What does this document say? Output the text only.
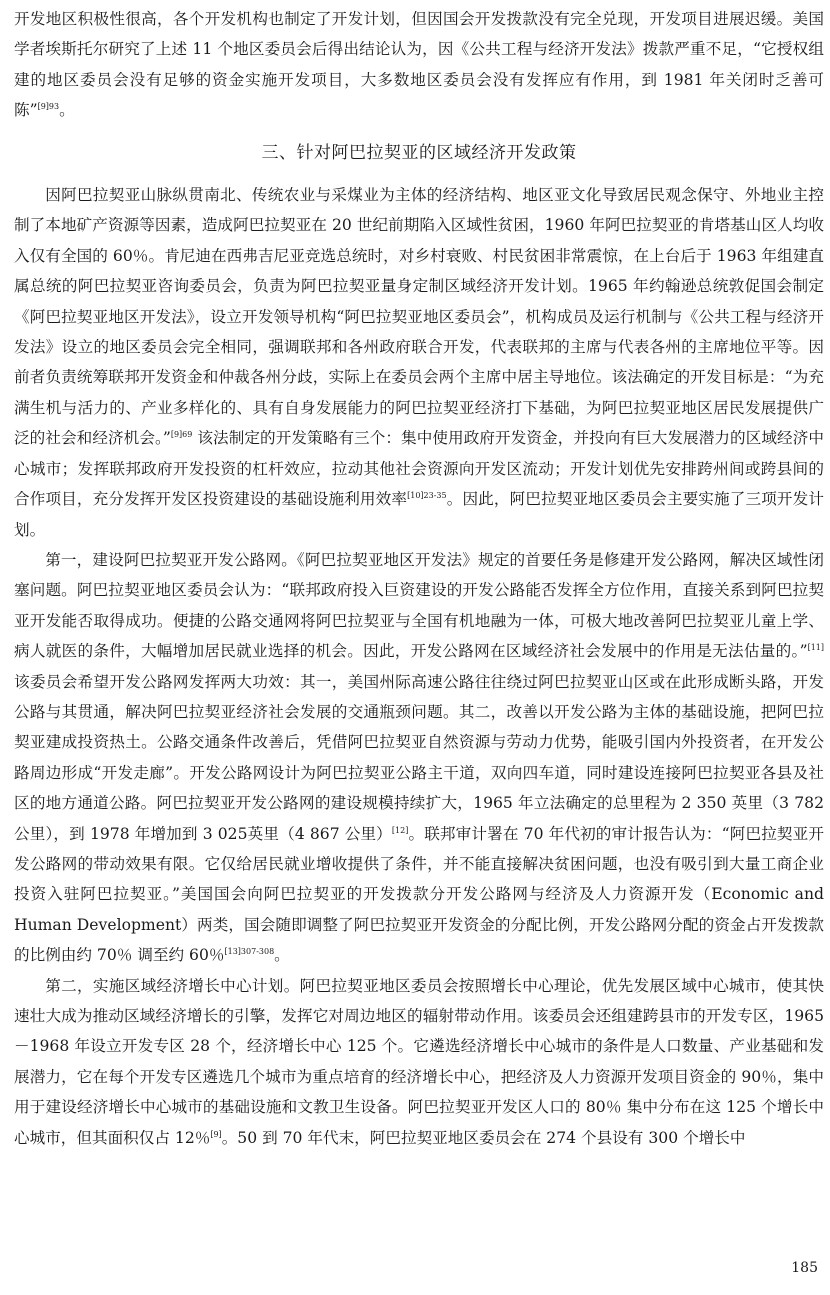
开发地区积极性很高，各个开发机构也制定了开发计划，但因国会开发拨款没有完全兑现，开发项目进展迟缓。美国学者埃斯托尔研究了上述 11 个地区委员会后得出结论认为，因《公共工程与经济开发法》拨款严重不足，“它授权组建的地区委员会没有足够的资金实施开发项目，大多数地区委员会没有发挥应有作用，到 1981 年关闭时乏善可陈”$^{[9]93}$。

三、针对阿巴拉契亚的区域经济开发政策

因阿巴拉契亚山脉纵贯南北、传统农业与采煤业为主体的经济结构、地区亚文化导致居民观念保守、外地业主控制了本地矿产资源等因素，造成阿巴拉契亚在 20 世纪前期陷入区域性贫困，1960 年阿巴拉契亚的肯塔基山区人均收入仅有全国的 60％。肯尼迪在西弗吉尼亚竞选总统时，对乡村衰败、村民贫困非常震惊，在上台后于 1963 年组建直属总统的阿巴拉契亚咨询委员会，负责为阿巴拉契亚量身定制区域经济开发计划。1965 年约翰逊总统敦促国会制定《阿巴拉契亚地区开发法》，设立开发领导机构“阿巴拉契亚地区委员会”，机构成员及运行机制与《公共工程与经济开发法》设立的地区委员会完全相同，强调联邦和各州政府联合开发，代表联邦的主席与代表各州的主席地位平等。因前者负责统筹联邦开发资金和仲裁各州分歧，实际上在委员会两个主席中居主导地位。该法确定的开发目标是：“为充满生机与活力的、产业多样化的、具有自身发展能力的阿巴拉契亚经济打下基础，为阿巴拉契亚地区居民发展提供广泛的社会和经济机会。”$^{[9]69}$ 该法制定的开发策略有三个：集中使用政府开发资金，并投向有巨大发展潜力的区域经济中心城市；发挥联邦政府开发投资的杠杆效应，拉动其他社会资源向开发区流动；开发计划优先安排跨州间或跨县间的合作项目，充分发挥开发区投资建设的基础设施利用效率$^{[10]23-35}$。因此，阿巴拉契亚地区委员会主要实施了三项开发计划。

第一，建设阿巴拉契亚开发公路网。《阿巴拉契亚地区开发法》规定的首要任务是修建开发公路网，解决区域性闭塞问题。阿巴拉契亚地区委员会认为：“联邦政府投入巨资建设的开发公路能否发挥全方位作用，直接关系到阿巴拉契亚开发能否取得成功。便捷的公路交通网将阿巴拉契亚与全国有机地融为一体，可极大地改善阿巴拉契亚儿童上学、病人就医的条件，大幅增加居民就业选择的机会。因此，开发公路网在区域经济社会发展中的作用是无法估量的。”[11] 该委员会希望开发公路网发挥两大功效：其一，美国州际高速公路往往绕过阿巴拉契亚山区或在此形成断头路，开发公路与其贯通，解决阿巴拉契亚经济社会发展的交通瓶颈问题。其二，改善以开发公路为主体的基础设施，把阿巴拉契亚建成投资热土。公路交通条件改善后，凭借阿巴拉契亚自然资源与劳动力优势，能吸引国内外投资者，在开发公路周边形成“开发走廊”。开发公路网设计为阿巴拉契亚公路主干道，双向四车道，同时建设连接阿巴拉契亚各县及社区的地方通道公路。阿巴拉契亚开发公路网的建设规模持续扩大，1965 年立法确定的总里程为 2 350 英里（3 782 公里），到 1978 年增加到 3 025英里（4 867 公里）[12]。联邦审计署在 70 年代初的审计报告认为：“阿巴拉契亚开发公路网的带动效果有限。它仅给居民就业增收提供了条件，并不能直接解决贫困问题，也没有吸引到大量工商企业投资入驻阿巴拉契亚。”美国国会向阿巴拉契亚的开发拨款分开发公路网与经济及人力资源开发（Economic and Human Development）两类，国会随即调整了阿巴拉契亚开发资金的分配比例，开发公路网分配的资金占开发拨款的比例由约 70％ 调至约 60％$^{[13]307-308}$。

第二，实施区域经济增长中心计划。阿巴拉契亚地区委员会按照增长中心理论，优先发展区域中心城市，使其快速壮大成为推动区域经济增长的引擎，发挥它对周边地区的辐射带动作用。该委员会还组建跨县市的开发专区，1965－1968 年设立开发专区 28 个，经济增长中心 125 个。它遴选经济增长中心城市的条件是人口数量、产业基础和发展潜力，它在每个开发专区遴选几个城市为重点培育的经济增长中心，把经济及人力资源开发项目资金的 90％，集中用于建设经济增长中心城市的基础设施和文教卫生设备。阿巴拉契亚开发区人口的 80％ 集中分布在这 125 个增长中心城市，但其面积仅占 12％[9]。50 到 70 年代末，阿巴拉契亚地区委员会在 274 个县设有 300 个增长中

185
